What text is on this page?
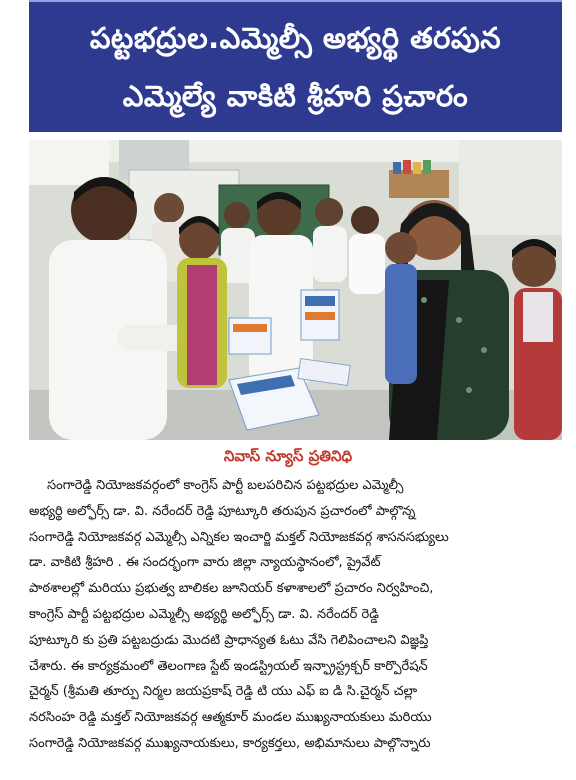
పట్టభద్రుల.ఎమ్మెల్సీ అభ్యర్థి తరపున
ఎమ్మెల్యే వాకిటి శ్రీహరి ప్రచారం

నివాస్ న్యూస్ ప్రతినిధి

సంగారెడ్డి నియోజకవర్గంలో కాంగ్రెస్ పార్టీ బలపరిచిన పట్టభద్రుల ఎమ్మెల్సీ
అభ్యర్థి అల్ఫోర్స్ డా. వి. నరేందర్ రెడ్డి పూట్కూరి తరుపున ప్రచారంలో పాల్గొన్న
సంగారెడ్డి నియోజకవర్గ ఎమ్మెల్సీ ఎన్నికల ఇంచార్జి మక్తల్ నియోజకవర్గ శాసనసభ్యులు
డా. వాకిటి శ్రీహరి . ఈ సందర్భంగా వారు జిల్లా న్యాయస్థానంలో, ప్రైవేట్
పాఠశాలల్లో మరియు ప్రభుత్వ బాలికల జూనియర్ కళాశాలలో ప్రచారం నిర్వహించి,
కాంగ్రెస్ పార్టీ పట్టభద్రుల ఎమ్మెల్సీ అభ్యర్థి అల్ఫోర్స్ డా. వి. నరేందర్ రెడ్డి
పూట్కూరి కు ప్రతి పట్టబద్రుడు మొదటి ప్రాధాన్యత ఓటు వేసి గెలిపించాలని విజ్ఞప్తి
చేశారు. ఈ కార్యక్రమంలో తెలంగాణ స్టేట్ ఇండస్ట్రియల్ ఇన్ఫ్రాస్ట్రక్చర్ కార్పొరేషన్
చైర్మన్ (శ్రీమతి తూర్పు నిర్మల జయప్రకాష్ రెడ్డి టి యు ఎఫ్ ఐ డి సి.చైర్మన్ చల్లా
నరసింహ రెడ్డి మక్తల్ నియోజకవర్గ ఆత్మకూర్ మండల ముఖ్యనాయకులు మరియు
సంగారెడ్డి నియోజకవర్గ ముఖ్యనాయకులు, కార్యకర్తలు, అభిమానులు పాల్గొన్నారు
